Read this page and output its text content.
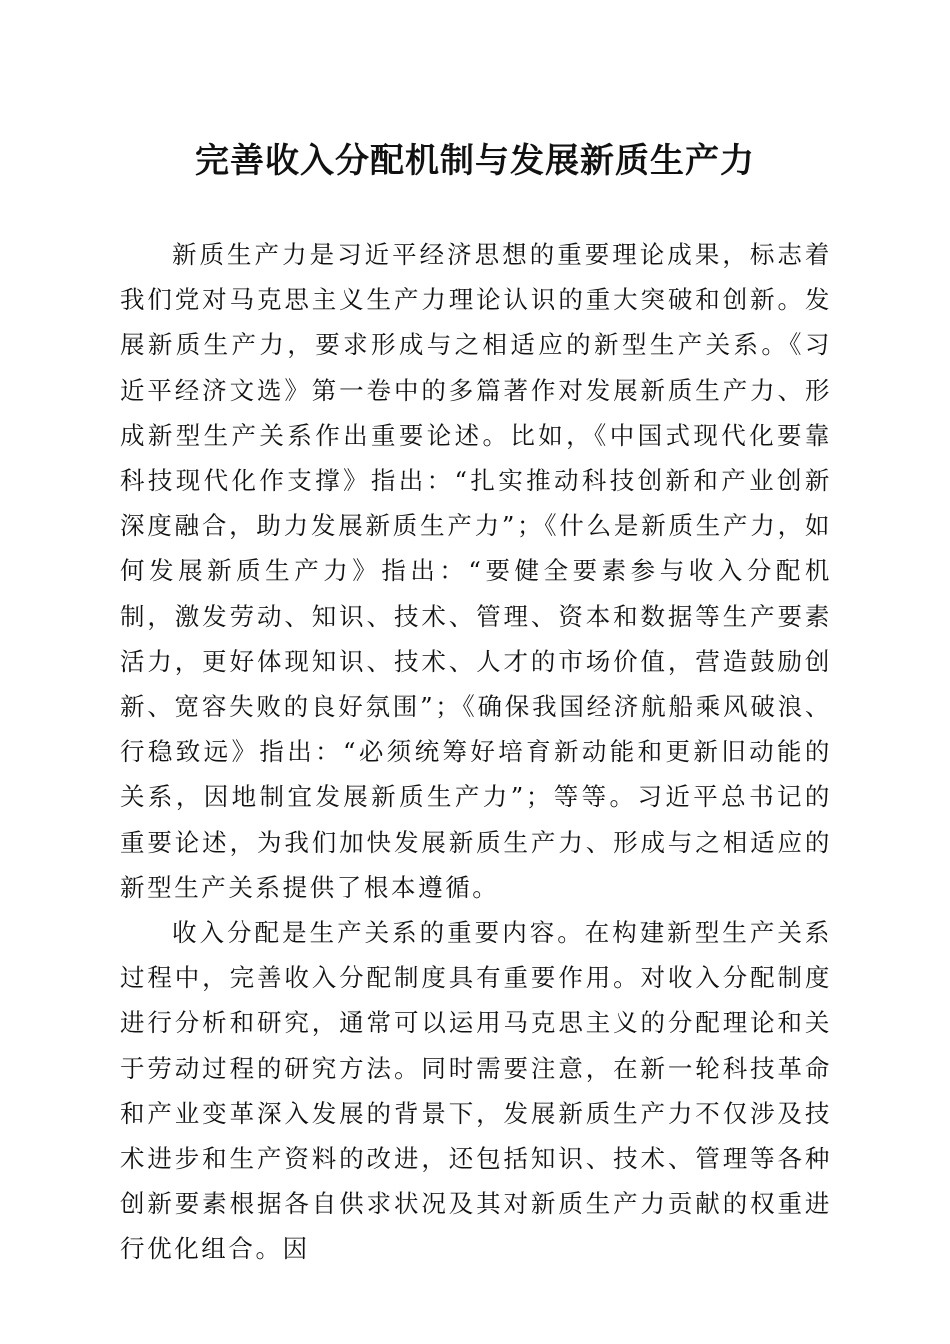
完善收入分配机制与发展新质生产力

新质生产力是习近平经济思想的重要理论成果，标志着我们党对马克思主义生产力理论认识的重大突破和创新。发展新质生产力，要求形成与之相适应的新型生产关系。《习近平经济文选》第一卷中的多篇著作对发展新质生产力、形成新型生产关系作出重要论述。比如，《中国式现代化要靠科技现代化作支撑》指出：“扎实推动科技创新和产业创新深度融合，助力发展新质生产力”；《什么是新质生产力，如何发展新质生产力》指出：“要健全要素参与收入分配机制，激发劳动、知识、技术、管理、资本和数据等生产要素活力，更好体现知识、技术、人才的市场价值，营造鼓励创新、宽容失败的良好氛围”；《确保我国经济航船乘风破浪、行稳致远》指出：“必须统筹好培育新动能和更新旧动能的关系，因地制宜发展新质生产力”；等等。习近平总书记的重要论述，为我们加快发展新质生产力、形成与之相适应的新型生产关系提供了根本遵循。

收入分配是生产关系的重要内容。在构建新型生产关系过程中，完善收入分配制度具有重要作用。对收入分配制度进行分析和研究，通常可以运用马克思主义的分配理论和关于劳动过程的研究方法。同时需要注意，在新一轮科技革命和产业变革深入发展的背景下，发展新质生产力不仅涉及技术进步和生产资料的改进，还包括知识、技术、管理等各种创新要素根据各自供求状况及其对新质生产力贡献的权重进行优化组合。因
